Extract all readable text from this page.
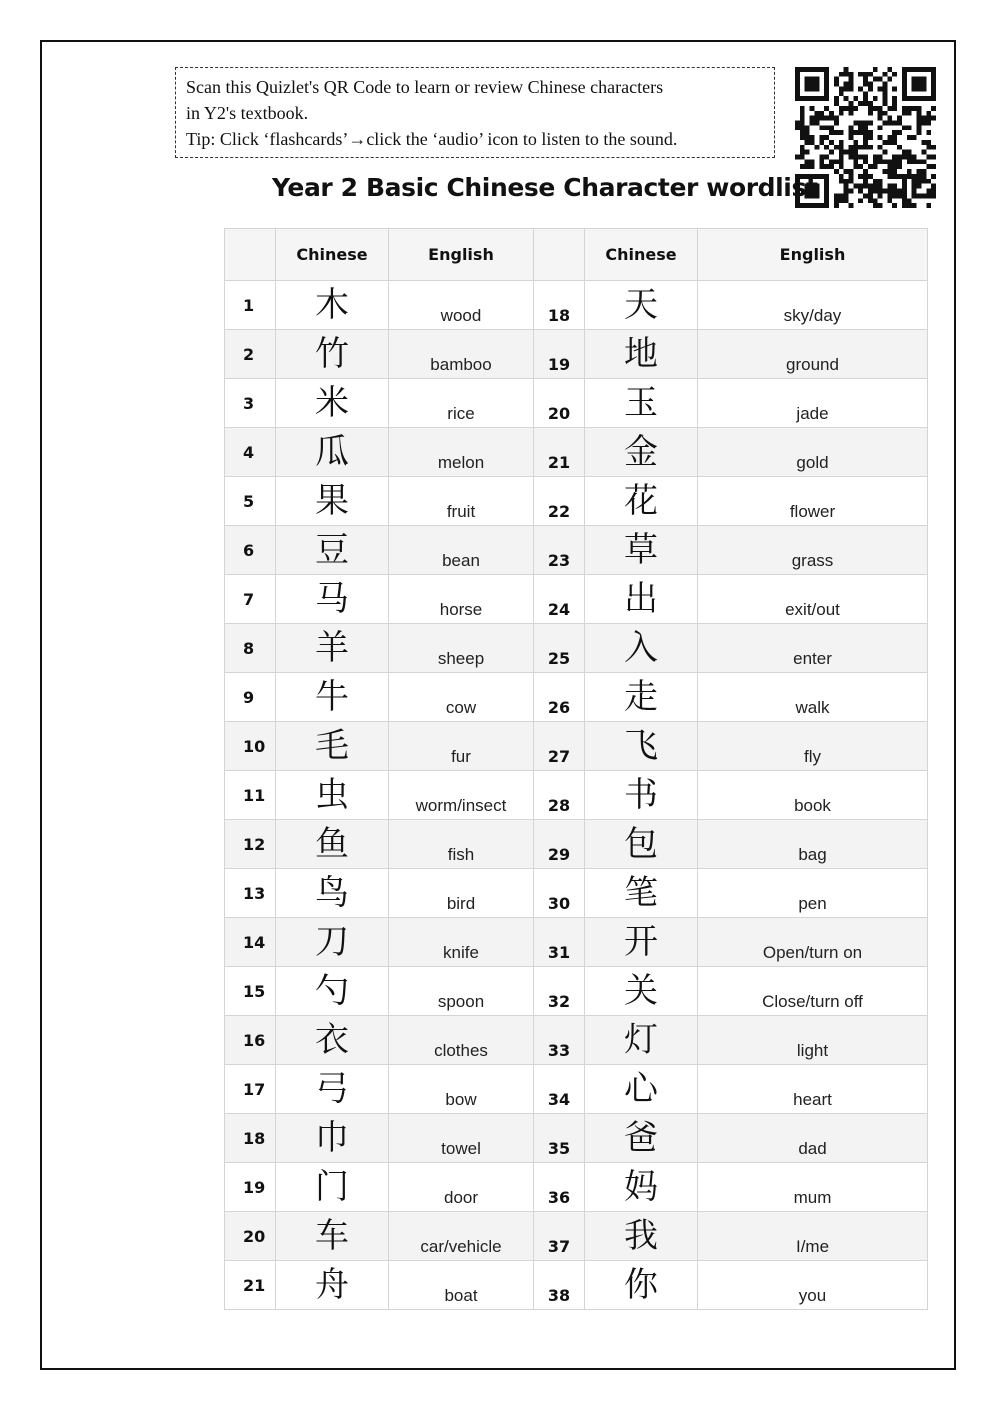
Scan this Quizlet's QR Code to learn or review Chinese characters
in Y2's textbook.
Tip: Click ‘flashcards’→click the ‘audio’ icon to listen to the sound.
Year 2 Basic Chinese Character wordlist
	Chinese	English		Chinese	English
1	木	wood	18	天	sky/day
2	竹	bamboo	19	地	ground
3	米	rice	20	玉	jade
4	瓜	melon	21	金	gold
5	果	fruit	22	花	flower
6	豆	bean	23	草	grass
7	马	horse	24	出	exit/out
8	羊	sheep	25	入	enter
9	牛	cow	26	走	walk
10	毛	fur	27	飞	fly
11	虫	worm/insect	28	书	book
12	鱼	fish	29	包	bag
13	鸟	bird	30	笔	pen
14	刀	knife	31	开	Open/turn on
15	勺	spoon	32	关	Close/turn off
16	衣	clothes	33	灯	light
17	弓	bow	34	心	heart
18	巾	towel	35	爸	dad
19	门	door	36	妈	mum
20	车	car/vehicle	37	我	I/me
21	舟	boat	38	你	you
